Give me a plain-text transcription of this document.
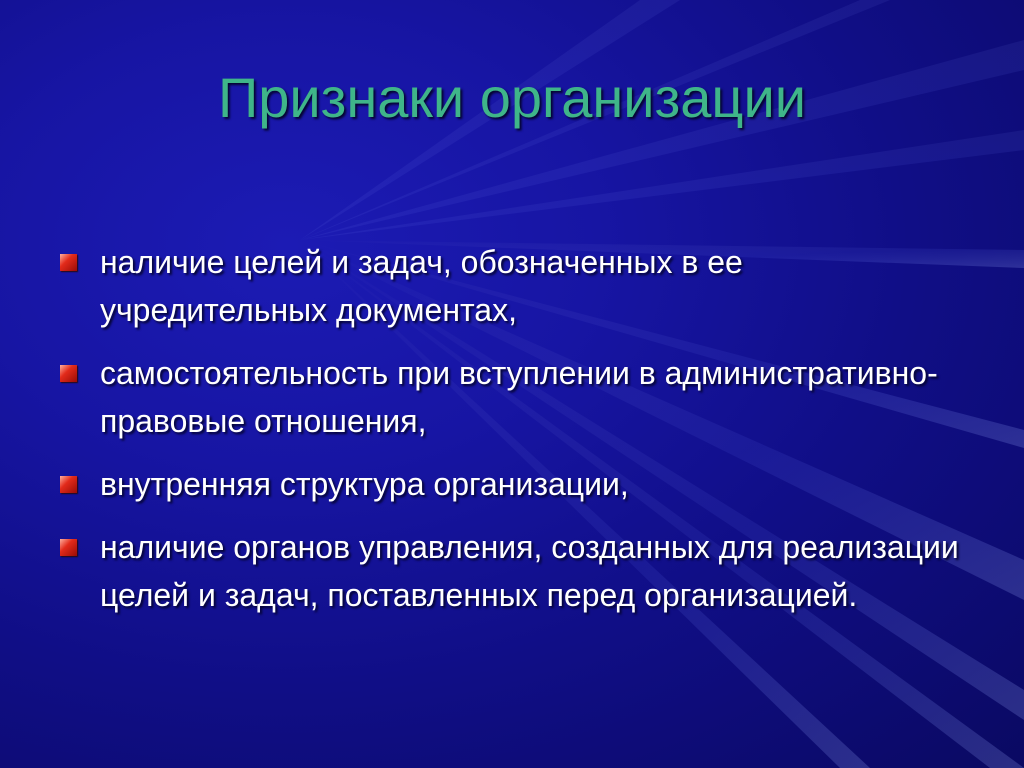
Признаки организации
наличие целей и задач, обозначенных в ее учредительных документах,
самостоятельность при вступлении в административно-правовые отношения,
внутренняя структура организации,
наличие органов управления, созданных для реализации целей и задач, поставленных перед организацией.
